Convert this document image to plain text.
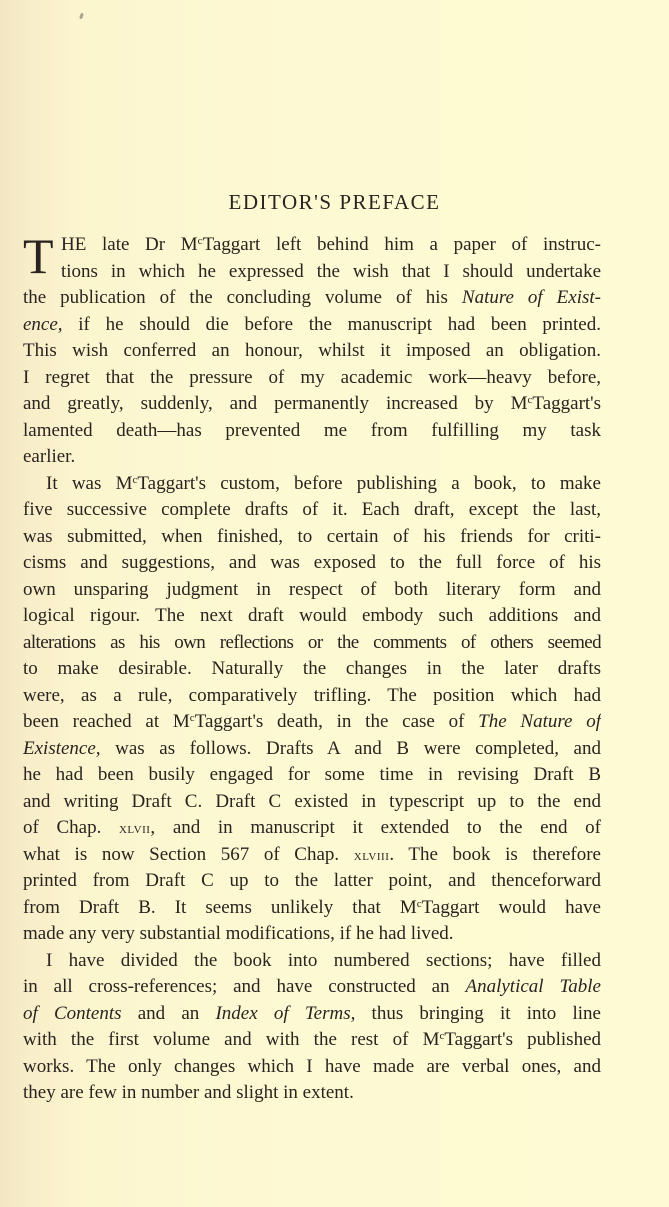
EDITOR'S PREFACE
T HE late Dr $M^cTaggart$ left behind him a paper of instruc-
tions in which he expressed the wish that I should undertake
the publication of the concluding volume of his Nature of Exist-
ence, if he should die before the manuscript had been printed.
This wish conferred an honour, whilst it imposed an obligation.
I regret that the pressure of my academic work—heavy before,
and greatly, suddenly, and permanently increased by $M^cTaggart's$
lamented death—has prevented me from fulfilling my task
earlier.
It was $M^cTaggart's$ custom, before publishing a book, to make
five successive complete drafts of it. Each draft, except the last,
was submitted, when finished, to certain of his friends for criti-
cisms and suggestions, and was exposed to the full force of his
own unsparing judgment in respect of both literary form and
logical rigour. The next draft would embody such additions and
alterations as his own reflections or the comments of others seemed
to make desirable. Naturally the changes in the later drafts
were, as a rule, comparatively trifling. The position which had
been reached at $M^cTaggart's$ death, in the case of The Nature of
Existence, was as follows. Drafts A and B were completed, and
he had been busily engaged for some time in revising Draft B
and writing Draft C. Draft C existed in typescript up to the end
of Chap. xlvii, and in manuscript it extended to the end of
what is now Section 567 of Chap. xlviii. The book is therefore
printed from Draft C up to the latter point, and thenceforward
from Draft B. It seems unlikely that $M^cTaggart$ would have
made any very substantial modifications, if he had lived.
I have divided the book into numbered sections; have filled
in all cross-references; and have constructed an Analytical Table
of Contents and an Index of Terms, thus bringing it into line
with the first volume and with the rest of $M^cTaggart's$ published
works. The only changes which I have made are verbal ones, and
they are few in number and slight in extent.
